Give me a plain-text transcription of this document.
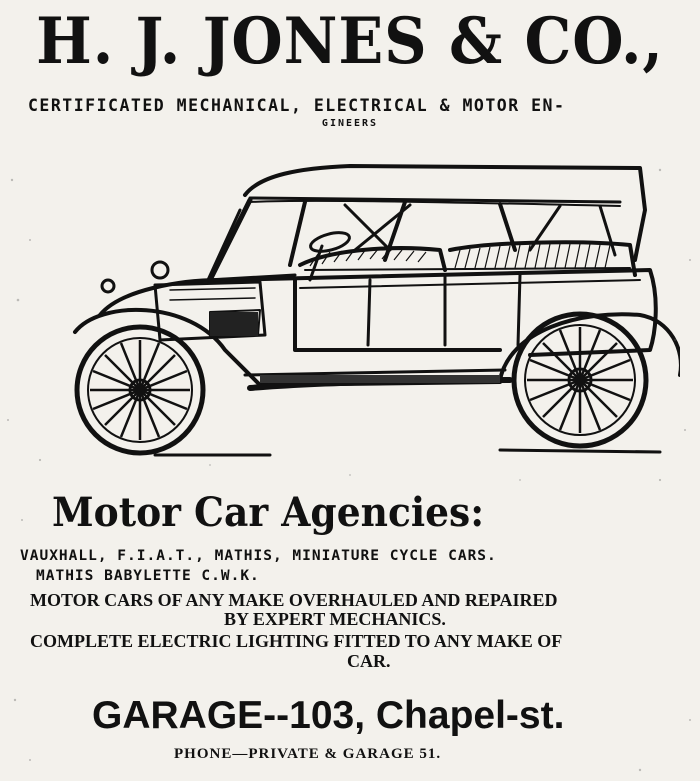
H. J. JONES & CO.,
CERTIFICATED MECHANICAL, ELECTRICAL & MOTOR EN-
GINEERS
Motor Car Agencies:
VAUXHALL, F.I.A.T., MATHIS, MINIATURE CYCLE CARS.
MATHIS BABYLETTE C.W.K.
MOTOR CARS OF ANY MAKE OVERHAULED AND REPAIRED
BY EXPERT MECHANICS.
COMPLETE ELECTRIC LIGHTING FITTED TO ANY MAKE OF
CAR.
GARAGE--103, Chapel-st.
PHONE—PRIVATE & GARAGE 51.
